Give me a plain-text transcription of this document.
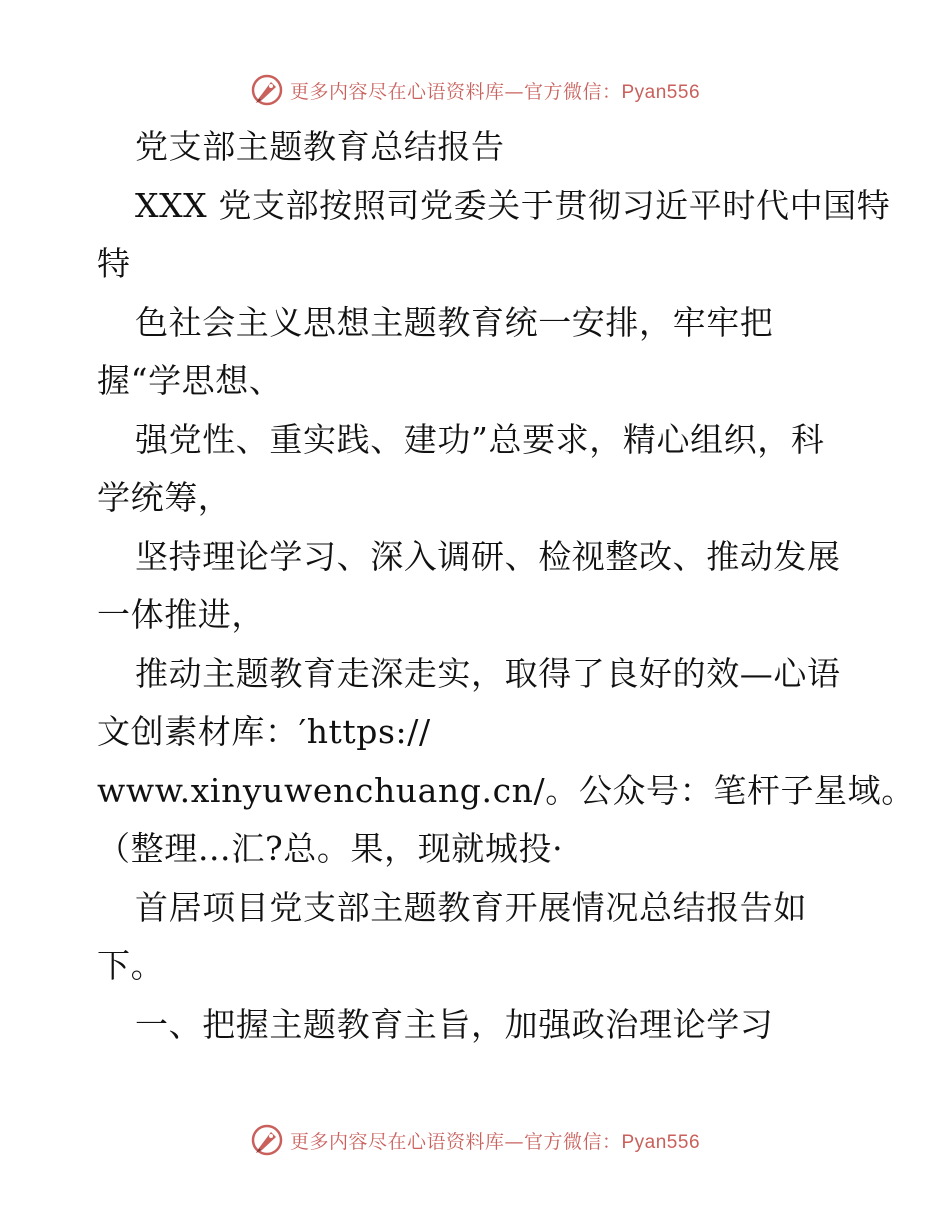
更多内容尽在心语资料库—官方微信：Pyan556
党支部主题教育总结报告
XXX 党支部按照司党委关于贯彻习近平时代中国特
特
色社会主义思想主题教育统一安排，牢牢把
握“学思想、
强党性、重实践、建功”总要求，精心组织，科
学统筹，
坚持理论学习、深入调研、检视整改、推动发展
一体推进，
推动主题教育走深走实，取得了良好的效—心语
文创素材库：′https://
www.xinyuwenchuang.cn/。公众号：笔杆子星域。
（整理…汇?总。果，现就城投·
首居项目党支部主题教育开展情况总结报告如
下。
一、把握主题教育主旨，加强政治理论学习
更多内容尽在心语资料库—官方微信：Pyan556
